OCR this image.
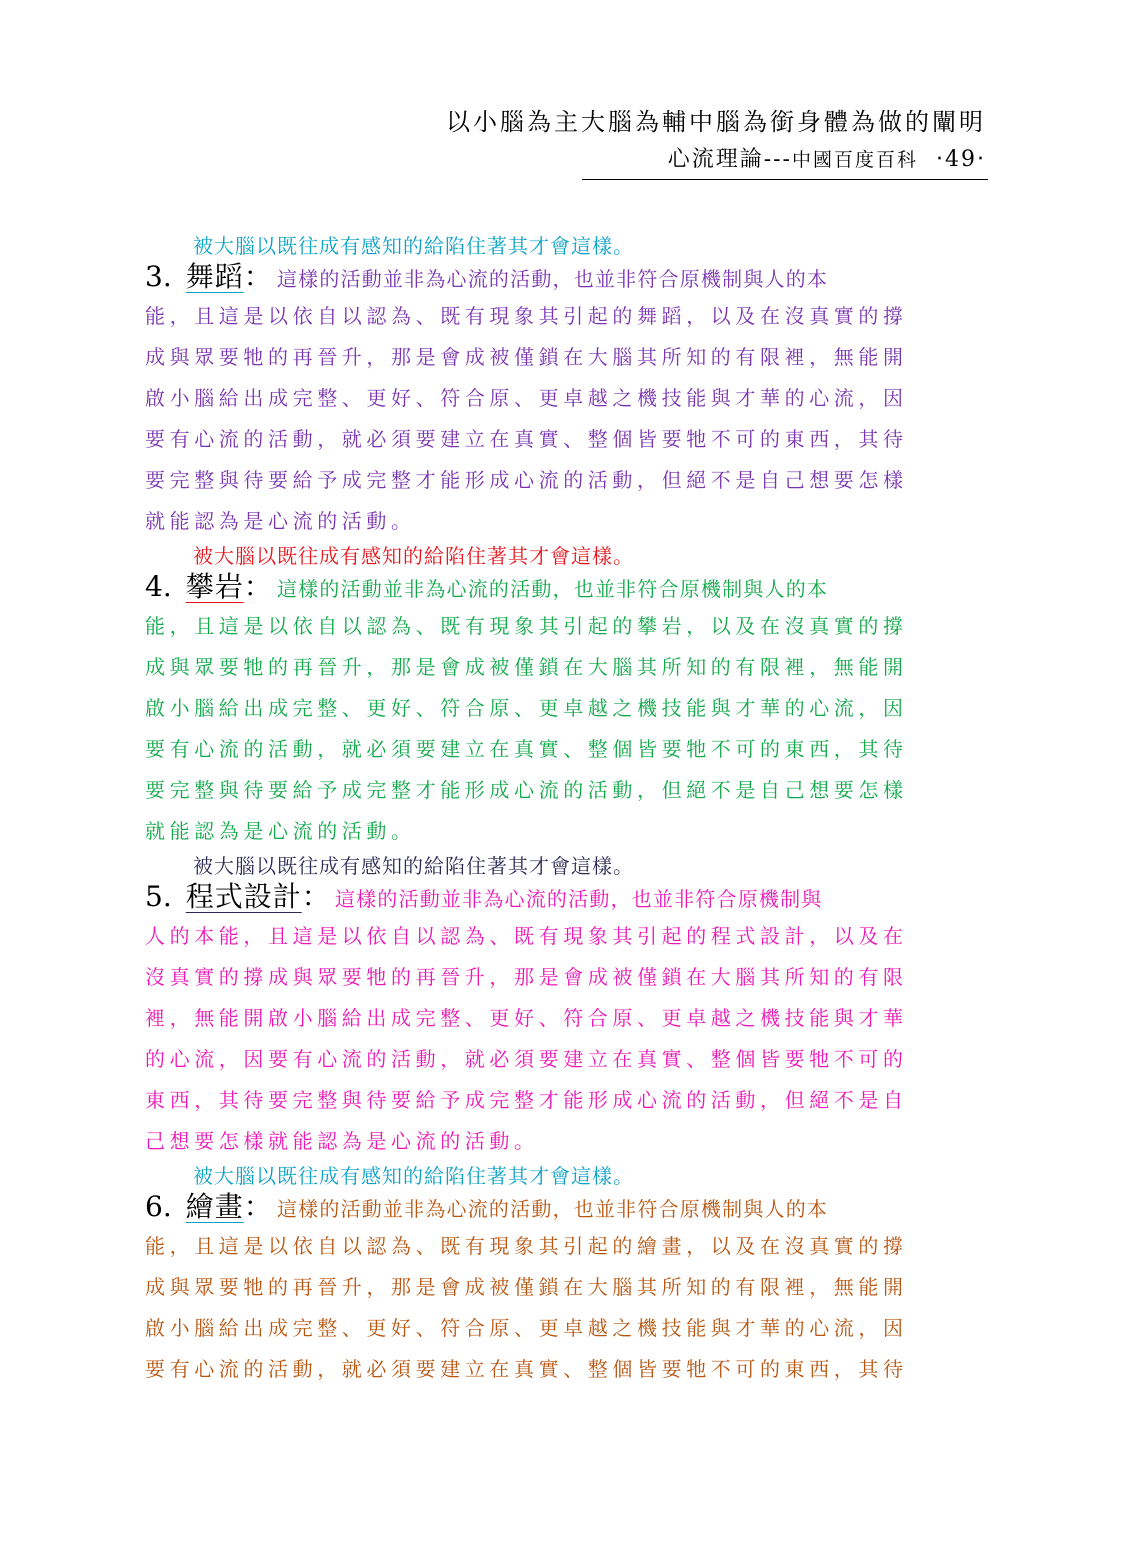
以小腦為主大腦為輔中腦為銜身體為做的闡明
心流理論---中國百度百科 ‧49‧
被大腦以既往成有感知的給陷住著其才會這樣。
3. 舞蹈： 這樣的活動並非為心流的活動，也並非符合原機制與人的本
能，且這是以依自以認為、既有現象其引起的舞蹈，以及在沒真實的撐
成與眾要牠的再晉升，那是會成被僅鎖在大腦其所知的有限裡，無能開
啟小腦給出成完整、更好、符合原、更卓越之機技能與才華的心流，因
要有心流的活動，就必須要建立在真實、整個皆要牠不可的東西，其待
要完整與待要給予成完整才能形成心流的活動，但絕不是自己想要怎樣
就能認為是心流的活動。
被大腦以既往成有感知的給陷住著其才會這樣。
4. 攀岩： 這樣的活動並非為心流的活動，也並非符合原機制與人的本
能，且這是以依自以認為、既有現象其引起的攀岩，以及在沒真實的撐
成與眾要牠的再晉升，那是會成被僅鎖在大腦其所知的有限裡，無能開
啟小腦給出成完整、更好、符合原、更卓越之機技能與才華的心流，因
要有心流的活動，就必須要建立在真實、整個皆要牠不可的東西，其待
要完整與待要給予成完整才能形成心流的活動，但絕不是自己想要怎樣
就能認為是心流的活動。
被大腦以既往成有感知的給陷住著其才會這樣。
5. 程式設計： 這樣的活動並非為心流的活動，也並非符合原機制與
人的本能，且這是以依自以認為、既有現象其引起的程式設計，以及在
沒真實的撐成與眾要牠的再晉升，那是會成被僅鎖在大腦其所知的有限
裡，無能開啟小腦給出成完整、更好、符合原、更卓越之機技能與才華
的心流，因要有心流的活動，就必須要建立在真實、整個皆要牠不可的
東西，其待要完整與待要給予成完整才能形成心流的活動，但絕不是自
己想要怎樣就能認為是心流的活動。
被大腦以既往成有感知的給陷住著其才會這樣。
6. 繪畫： 這樣的活動並非為心流的活動，也並非符合原機制與人的本
能，且這是以依自以認為、既有現象其引起的繪畫，以及在沒真實的撐
成與眾要牠的再晉升，那是會成被僅鎖在大腦其所知的有限裡，無能開
啟小腦給出成完整、更好、符合原、更卓越之機技能與才華的心流，因
要有心流的活動，就必須要建立在真實、整個皆要牠不可的東西，其待
